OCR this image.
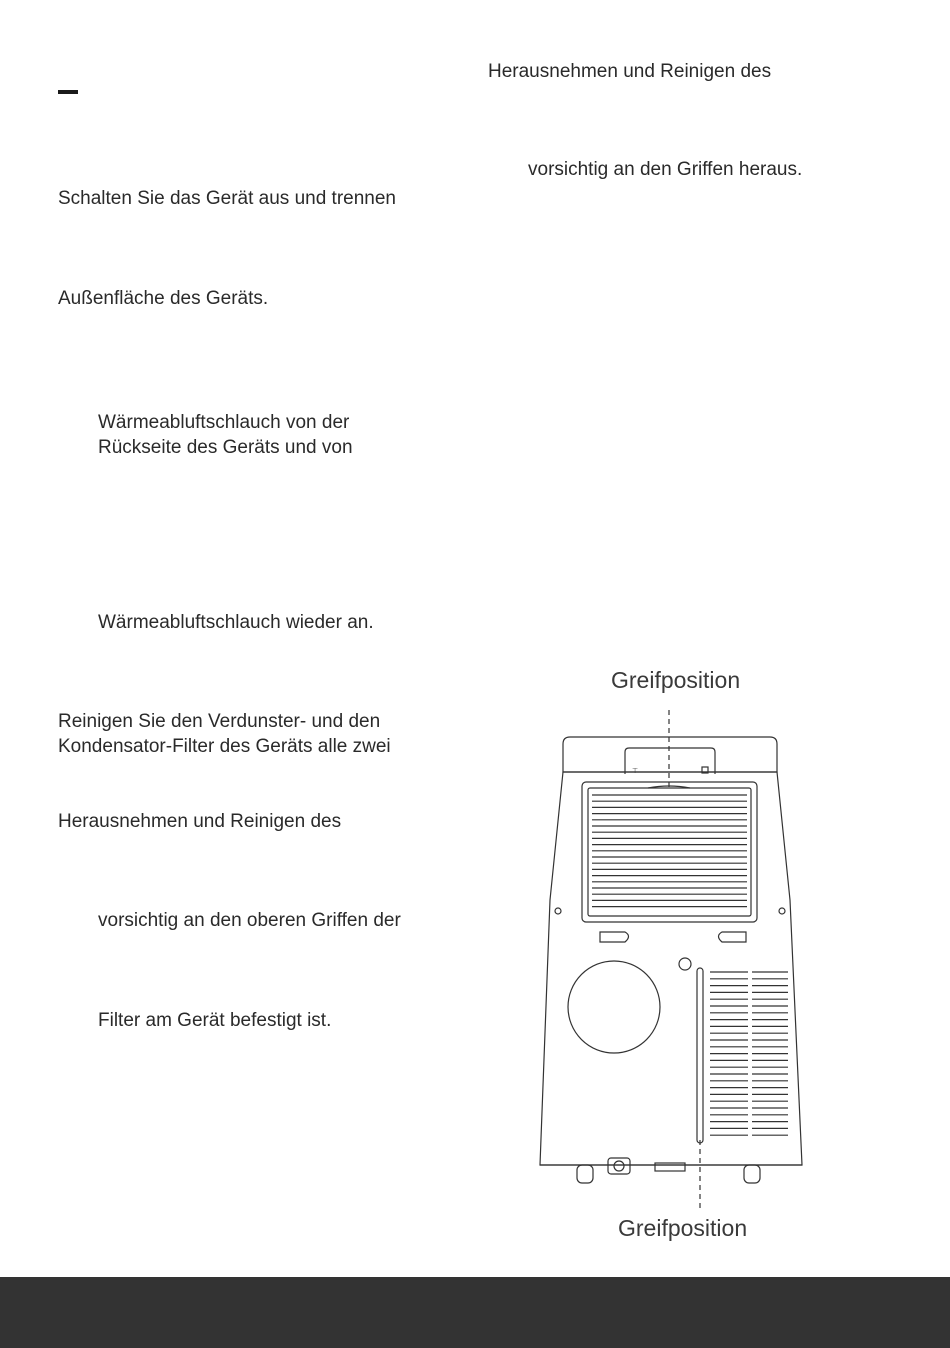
Herausnehmen und Reinigen des
vorsichtig an den Griffen heraus.
Schalten Sie das Gerät aus und trennen
Außenfläche des Geräts.
Wärmeabluftschlauch von der
Rückseite des Geräts und von
Wärmeabluftschlauch wieder an.
Reinigen Sie den Verdunster- und den
Kondensator-Filter des Geräts alle zwei
Herausnehmen und Reinigen des
vorsichtig an den oberen Griffen der
Filter am Gerät befestigt ist.
Greifposition
Greifposition
⊤
